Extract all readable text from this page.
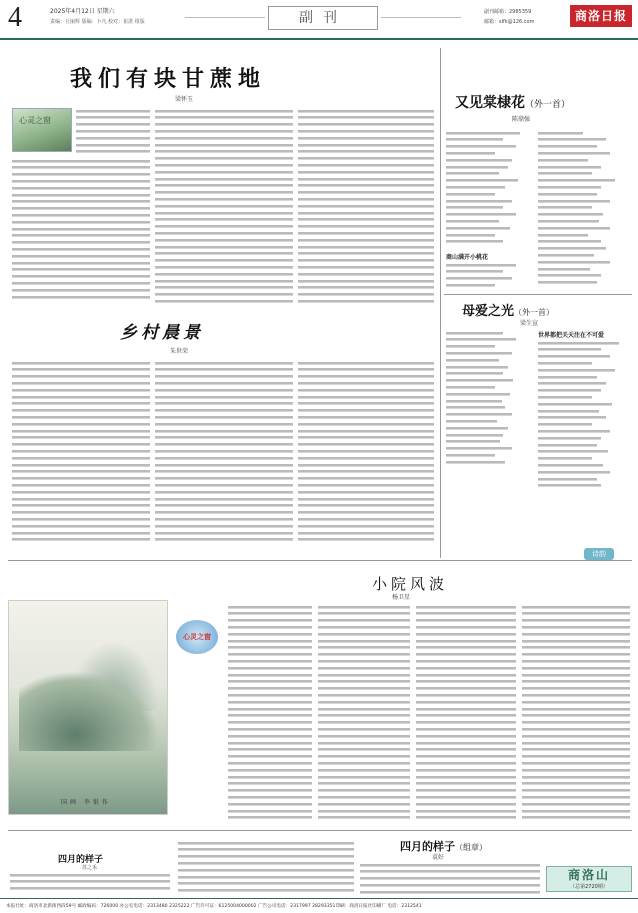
4	2025年4月12日 星期六
责编：丘丽辉 版编：卜凡 校对：崔湛 组版	副刊	副刊邮箱：2985359
邮箱：slfk@126.com	商洛日报
我们有块甘蔗地
梁怀玉
心灵之窗
又见棠棣花（外一首）
陈鼎强
商山满开小桃花
母爱之光（外一首）
梁生宣
世界都把关天注在不可爱
乡村晨景
朱世荣
诗韵
小院风波
杨卫星
国画 李银作
心灵之窗
四月的样子（组章）
袁好
四月的样子
苏之禾	商洛山
（总第2720期）
本报社址：商洛市北新街西段59号 邮政编码：726000 办公室电话：2313480 2325222 广告许可证：6125004000002 广告公司电话：2317997 28293351印刷：商洛日报社印刷厂 电话：2312541
